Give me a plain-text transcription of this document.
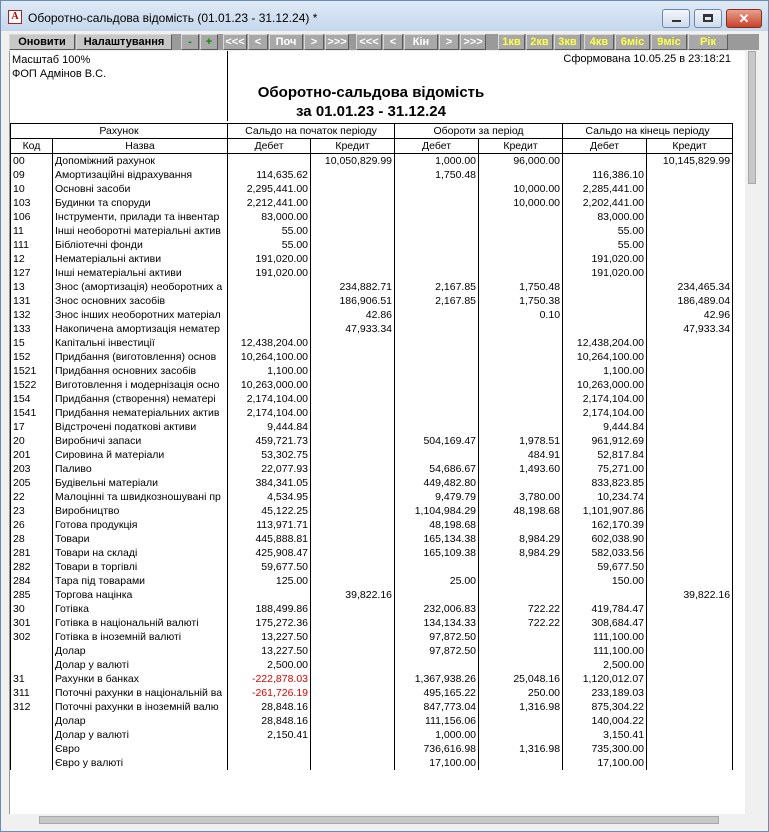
A Оборотно-сальдова відомість (01.01.23 - 31.12.24) *	✕
Оновити	Налаштування	-	+	<<< <	Поч	> >>>	<<<	<	Кін	>	>>>	1кв 2кв 3кв	4кв	6міс	9міс	Рік
Масштаб 100%
ФОП Адмінов В.С.
Сформована 10.05.25 в 23:18:21
Оборотно-сальдова відомість
за 01.01.23 - 31.12.24
Рахунок		Сальдо на початок періоду		Обороти за період		Сальдо на кінець періоду	
Код	Назва	Дебет	Кредит	Дебет	Кредит	Дебет	Кредит
00	Допоміжний рахунок		10,050,829.99	1,000.00	96,000.00		10,145,829.99
09	Амортизаційні відрахування	114,635.62		1,750.48		116,386.10	
10	Основні засоби	2,295,441.00			10,000.00	2,285,441.00	
103	Будинки та споруди	2,212,441.00			10,000.00	2,202,441.00	
106	Інструменти, прилади та інвентар	83,000.00				83,000.00	
11	Інші необоротні матеріальні актив	55.00				55.00	
111	Бібліотечні фонди	55.00				55.00	
12	Нематеріальні активи	191,020.00				191,020.00	
127	Інші нематеріальні активи	191,020.00				191,020.00	
13	Знос (амортизація) необоротних а		234,882.71	2,167.85	1,750.48		234,465.34
131	Знос основних засобів		186,906.51	2,167.85	1,750.38		186,489.04
132	Знос інших необоротних матеріал		42.86		0.10		42.96
133	Накопичена амортизація нематер		47,933.34				47,933.34
15	Капітальні інвестиції	12,438,204.00				12,438,204.00	
152	Придбання (виготовлення) основ	10,264,100.00				10,264,100.00	
1521	Придбання основних засобів	1,100.00				1,100.00	
1522	Виготовлення і модернізація осно	10,263,000.00				10,263,000.00	
154	Придбання (створення) нематері	2,174,104.00				2,174,104.00	
1541	Придбання нематеріальних актив	2,174,104.00				2,174,104.00	
17	Відстрочені податкові активи	9,444.84				9,444.84	
20	Виробничі запаси	459,721.73		504,169.47	1,978.51	961,912.69	
201	Сировина й матеріали	53,302.75			484.91	52,817.84	
203	Паливо	22,077.93		54,686.67	1,493.60	75,271.00	
205	Будівельні матеріали	384,341.05		449,482.80		833,823.85	
22	Малоцінні та швидкозношувані пр	4,534.95		9,479.79	3,780.00	10,234.74	
23	Виробництво	45,122.25		1,104,984.29	48,198.68	1,101,907.86	
26	Готова продукція	113,971.71		48,198.68		162,170.39	
28	Товари	445,888.81		165,134.38	8,984.29	602,038.90	
281	Товари на складі	425,908.47		165,109.38	8,984.29	582,033.56	
282	Товари в торгівлі	59,677.50				59,677.50	
284	Тара під товарами	125.00		25.00		150.00	
285	Торгова націнка		39,822.16				39,822.16
30	Готівка	188,499.86		232,006.83	722.22	419,784.47	
301	Готівка в національній валюті	175,272.36		134,134.33	722.22	308,684.47	
302	Готівка в іноземній валюті	13,227.50		97,872.50		111,100.00	
	Долар	13,227.50		97,872.50		111,100.00	
	Долар у валюті	2,500.00				2,500.00	
31	Рахунки в банках	-222,878.03		1,367,938.26	25,048.16	1,120,012.07	
311	Поточні рахунки в національній ва	-261,726.19		495,165.22	250.00	233,189.03	
312	Поточні рахунки в іноземній валю	28,848.16		847,773.04	1,316.98	875,304.22	
	Долар	28,848.16		111,156.06		140,004.22	
	Долар у валюті	2,150.41		1,000.00		3,150.41	
	Євро			736,616.98	1,316.98	735,300.00	
	Євро у валюті			17,100.00		17,100.00	
